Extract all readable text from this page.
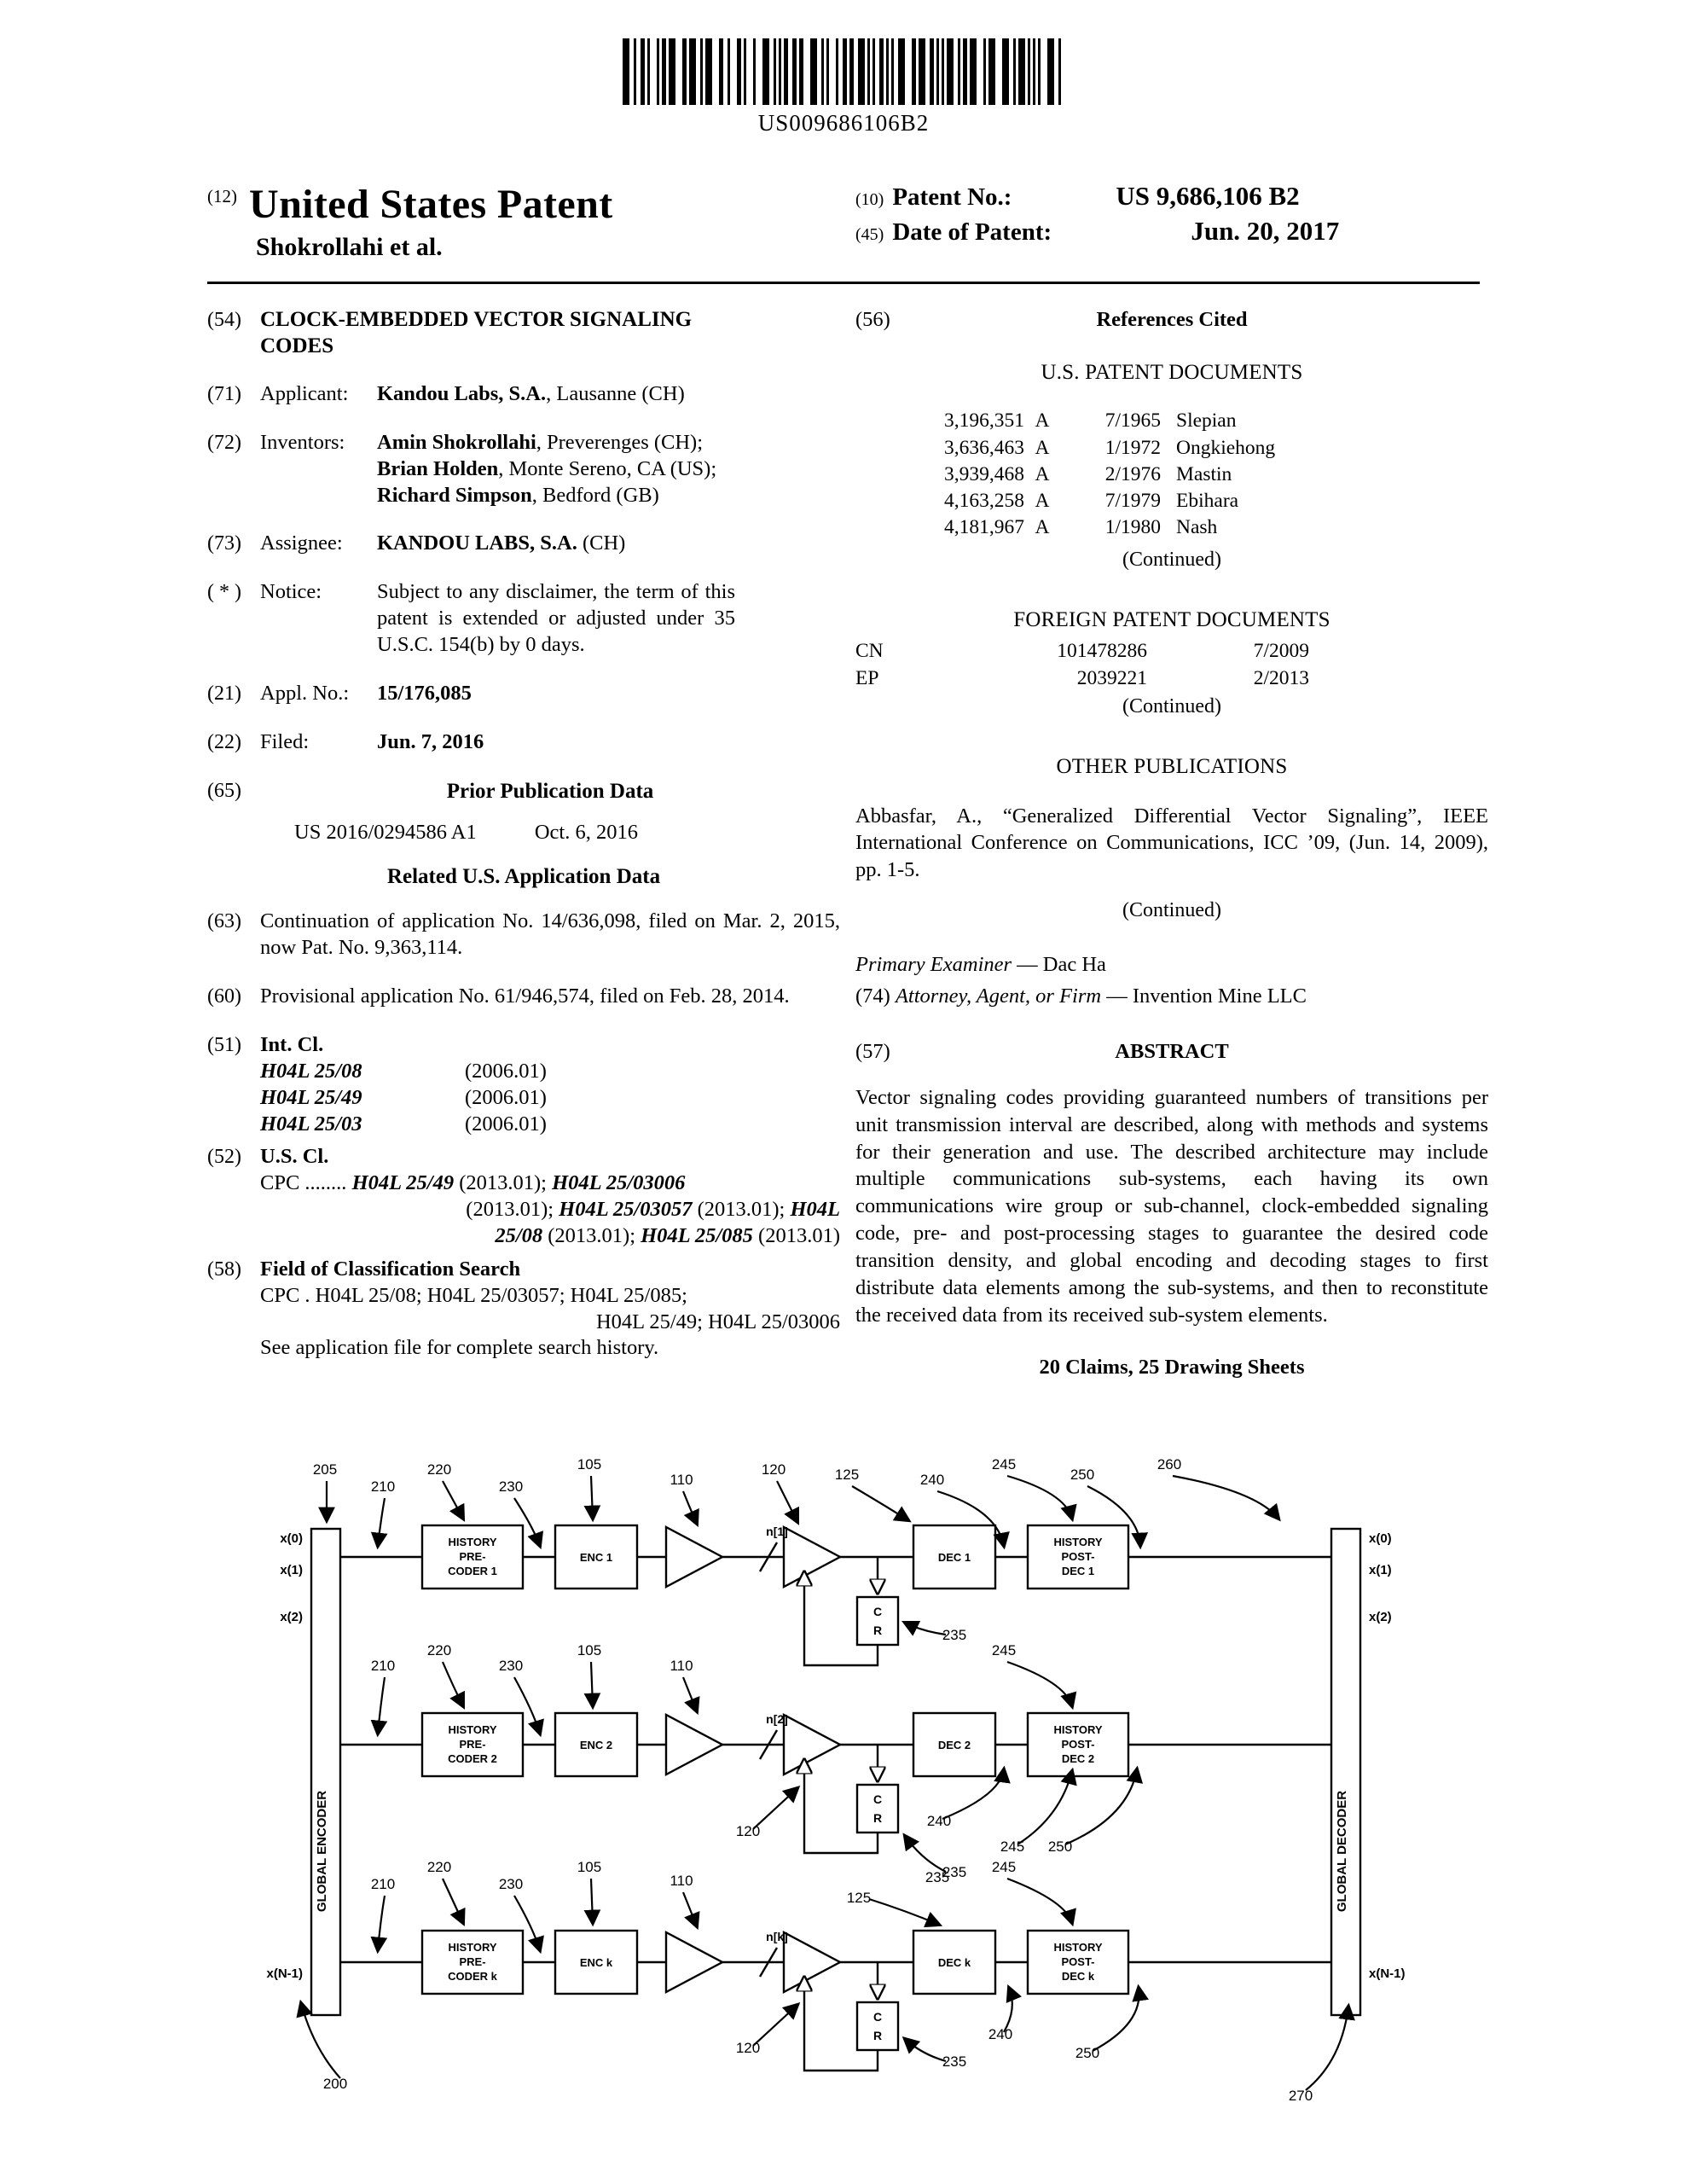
US009686106B2
(12) United States Patent
Shokrollahi et al.
(10) Patent No.:	US 9,686,106 B2
(45) Date of Patent:	Jun. 20, 2017
(54) CLOCK-EMBEDDED VECTOR SIGNALING CODES
(71) Applicant: Kandou Labs, S.A., Lausanne (CH)
(72) Inventors: Amin Shokrollahi, Preverenges (CH);
Brian Holden, Monte Sereno, CA (US);
Richard Simpson, Bedford (GB)
(73) Assignee: KANDOU LABS, S.A. (CH)
( * ) Notice:	Subject to any disclaimer, the term of this patent is extended or adjusted under 35 U.S.C. 154(b) by 0 days.
(21) Appl. No.: 15/176,085
(22) Filed:	Jun. 7, 2016
(65)	Prior Publication Data
US 2016/0294586 A1	Oct. 6, 2016
Related U.S. Application Data
(63) Continuation of application No. 14/636,098, filed on Mar. 2, 2015, now Pat. No. 9,363,114.
(60) Provisional application No. 61/946,574, filed on Feb. 28, 2014.
(51) Int. Cl.
H04L 25/08	(2006.01)
H04L 25/49	(2006.01)
H04L 25/03	(2006.01)
(52) U.S. Cl.
CPC ........ H04L 25/49 (2013.01); H04L 25/03006
(2013.01); H04L 25/03057 (2013.01); H04L
25/08 (2013.01); H04L 25/085 (2013.01)
(58) Field of Classification Search
CPC . H04L 25/08; H04L 25/03057; H04L 25/085;
H04L 25/49; H04L 25/03006
See application file for complete search history.
(56)	References Cited
U.S. PATENT DOCUMENTS
3,196,351 A	7/1965 Slepian
3,636,463 A	1/1972 Ongkiehong
3,939,468 A	2/1976 Mastin
4,163,258 A	7/1979 Ebihara
4,181,967 A	1/1980 Nash
(Continued)
FOREIGN PATENT DOCUMENTS
CN	101478286	7/2009
EP	2039221	2/2013
(Continued)
OTHER PUBLICATIONS
Abbasfar, A., “Generalized Differential Vector Signaling”, IEEE International Conference on Communications, ICC ’09, (Jun. 14, 2009), pp. 1-5.
(Continued)
Primary Examiner — Dac Ha
(74) Attorney, Agent, or Firm — Invention Mine LLC
(57)	ABSTRACT
Vector signaling codes providing guaranteed numbers of transitions per unit transmission interval are described, along with methods and systems for their generation and use. The described architecture may include multiple communications sub-systems, each having its own communications wire group or sub-channel, clock-embedded signaling code, pre- and post-processing stages to guarantee the desired code transition density, and global encoding and decoding stages to first distribute data elements among the sub-systems, and then to reconstitute the received data from its received sub-system elements.
20 Claims, 25 Drawing Sheets
GLOBAL ENCODER	GLOBAL DECODER
x(0)
x(1)
x(2)
x(N-1)
x(0)
x(1)
x(2)
x(N-1)
HISTORY
PRE-
CODER 1
ENC 1
n[1]
C
R
DEC 1
HISTORY
POST-
DEC 1
HISTORY
PRE-
CODER 2
ENC 2
n[2]
C
R
DEC 2
HISTORY
POST-
DEC 2
HISTORY
PRE-
CODER k
ENC k
n[k]
C
R
DEC k
HISTORY
POST-
DEC k
205
210
220
230
105
110
120	125	240
245
250
260
235
210
220
230
105
110
120
240
245
245 250
235
210
220
230
105
110
120
235
125
245
235
240
250
200
270
